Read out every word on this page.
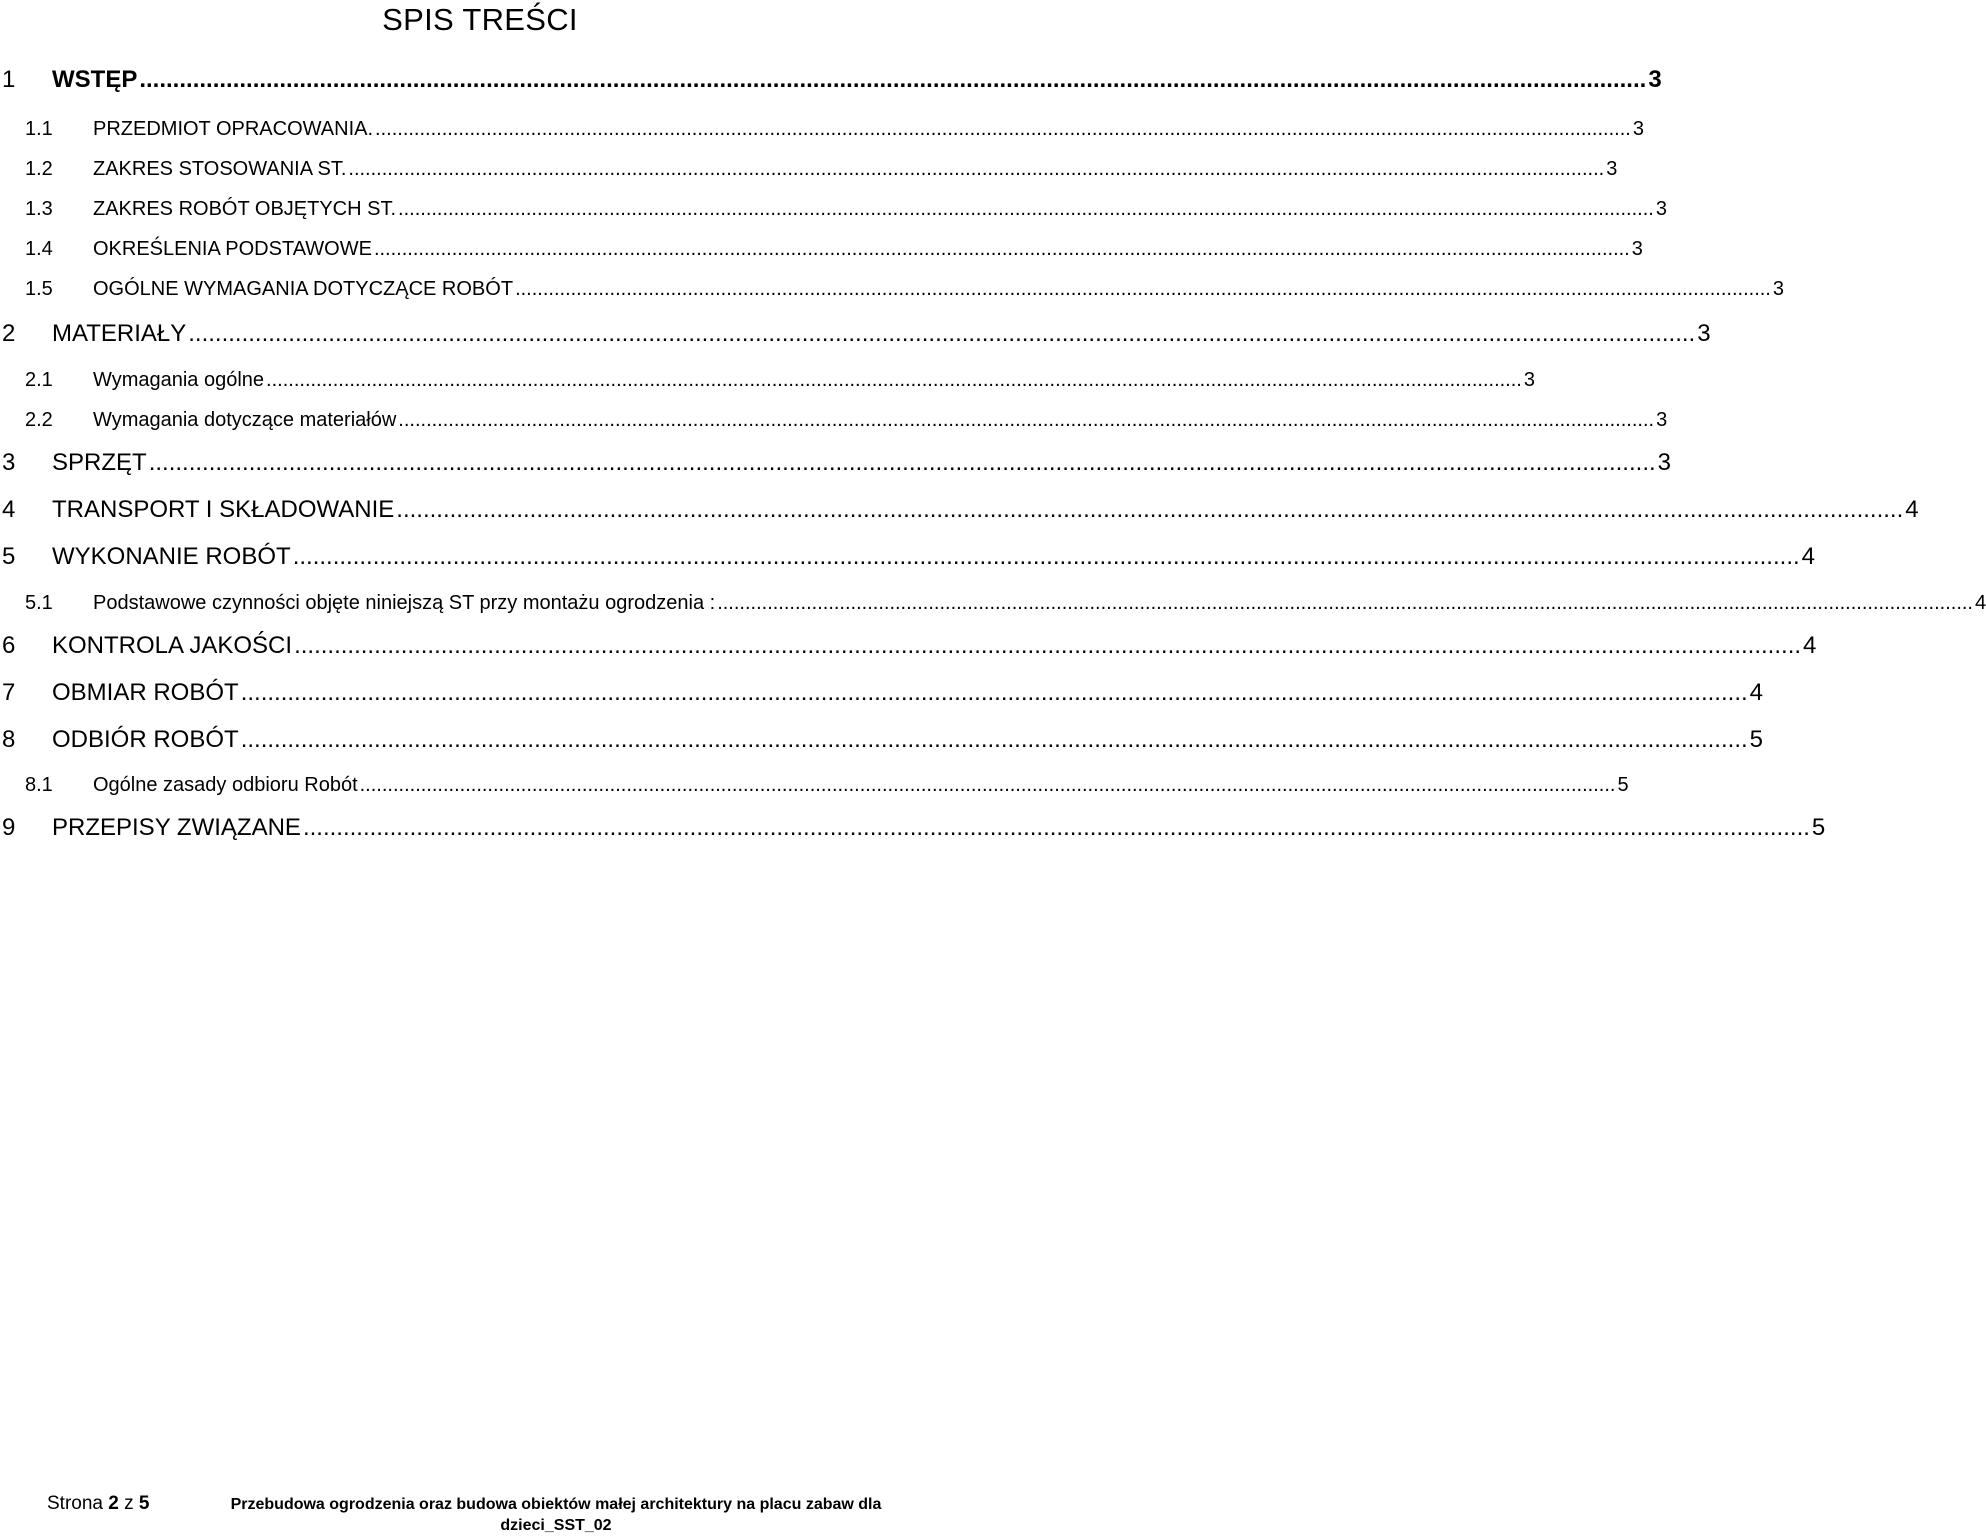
SPIS TREŚCI
1 WSTĘP .....	3
1.1 PRZEDMIOT OPRACOWANIA. .....	3
1.2 ZAKRES STOSOWANIA ST. .....	3
1.3 ZAKRES ROBÓT OBJĘTYCH ST. .....	3
1.4 OKREŚLENIA PODSTAWOWE .....	3
1.5 OGÓLNE WYMAGANIA DOTYCZĄCE ROBÓT .....	3
2 MATERIAŁY .....	3
2.1 Wymagania ogólne .....	3
2.2 Wymagania dotyczące materiałów .....	3
3 SPRZĘT .....	3
4 TRANSPORT I SKŁADOWANIE .....	4
5 WYKONANIE ROBÓT .....	4
5.1 Podstawowe czynności objęte niniejszą ST przy montażu ogrodzenia : .....	4
6 KONTROLA JAKOŚCI .....	4
7 OBMIAR ROBÓT .....	4
8 ODBIÓR ROBÓT .....	5
8.1 Ogólne zasady odbioru Robót .....	5
9 PRZEPISY ZWIĄZANE .....	5
Strona 2 z 5	Przebudowa ogrodzenia oraz budowa obiektów małej architektury na placu zabaw dla dzieci_SST_02
